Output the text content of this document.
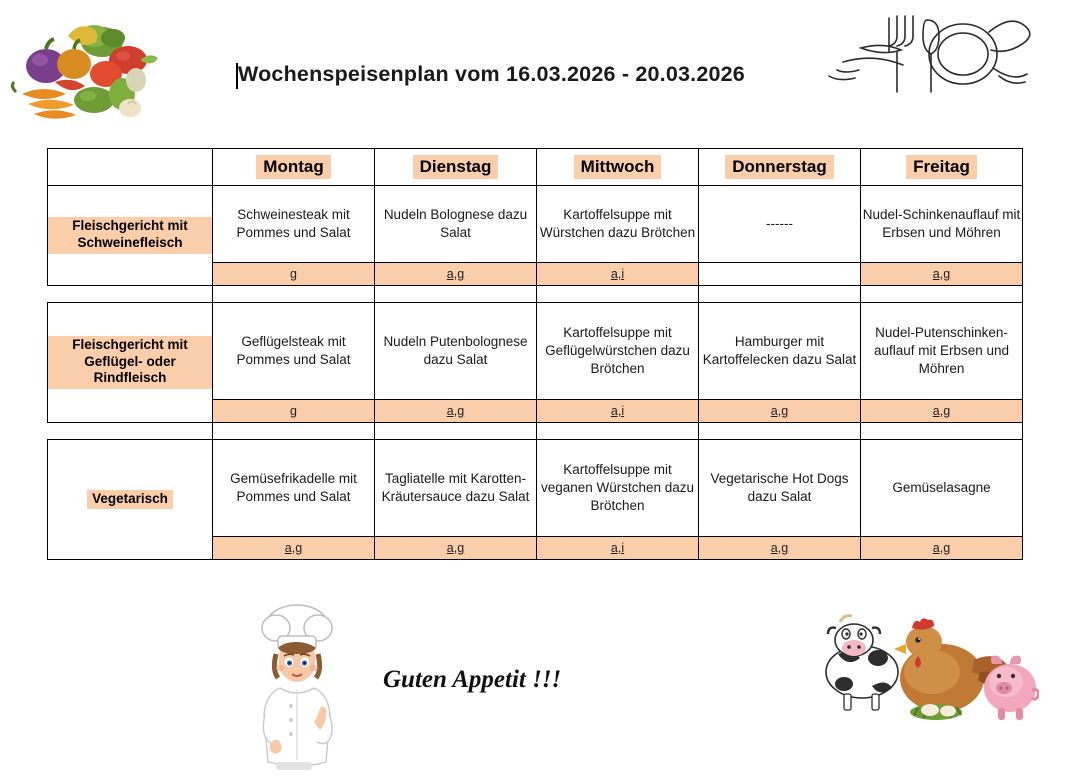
Wochenspeisenplan vom 16.03.2026 - 20.03.2026
	Montag	Dienstag	Mittwoch	Donnerstag	Freitag
Fleischgericht mit Schweinefleisch	Schweinesteak mit Pommes und Salat	Nudeln Bolognese dazu Salat	Kartoffelsuppe mit Würstchen dazu Brötchen	------	Nudel-Schinkenauflauf mit Erbsen und Möhren
	g	a,g	a,i		a,g

Fleischgericht mit Geflügel- oder Rindfleisch	Geflügelsteak mit Pommes und Salat	Nudeln Putenbolognese dazu Salat	Kartoffelsuppe mit Geflügelwürstchen dazu Brötchen	Hamburger mit Kartoffelecken dazu Salat	Nudel-Putenschinken-auflauf mit Erbsen und Möhren
	g	a,g	a,i	a,g	a,g

Vegetarisch	Gemüsefrikadelle mit Pommes und Salat	Tagliatelle mit Karotten-Kräutersauce dazu Salat	Kartoffelsuppe mit veganen Würstchen dazu Brötchen	Vegetarische Hot Dogs dazu Salat	Gemüselasagne
	a,g	a,g	a,i	a,g	a,g
Guten Appetit !!!
